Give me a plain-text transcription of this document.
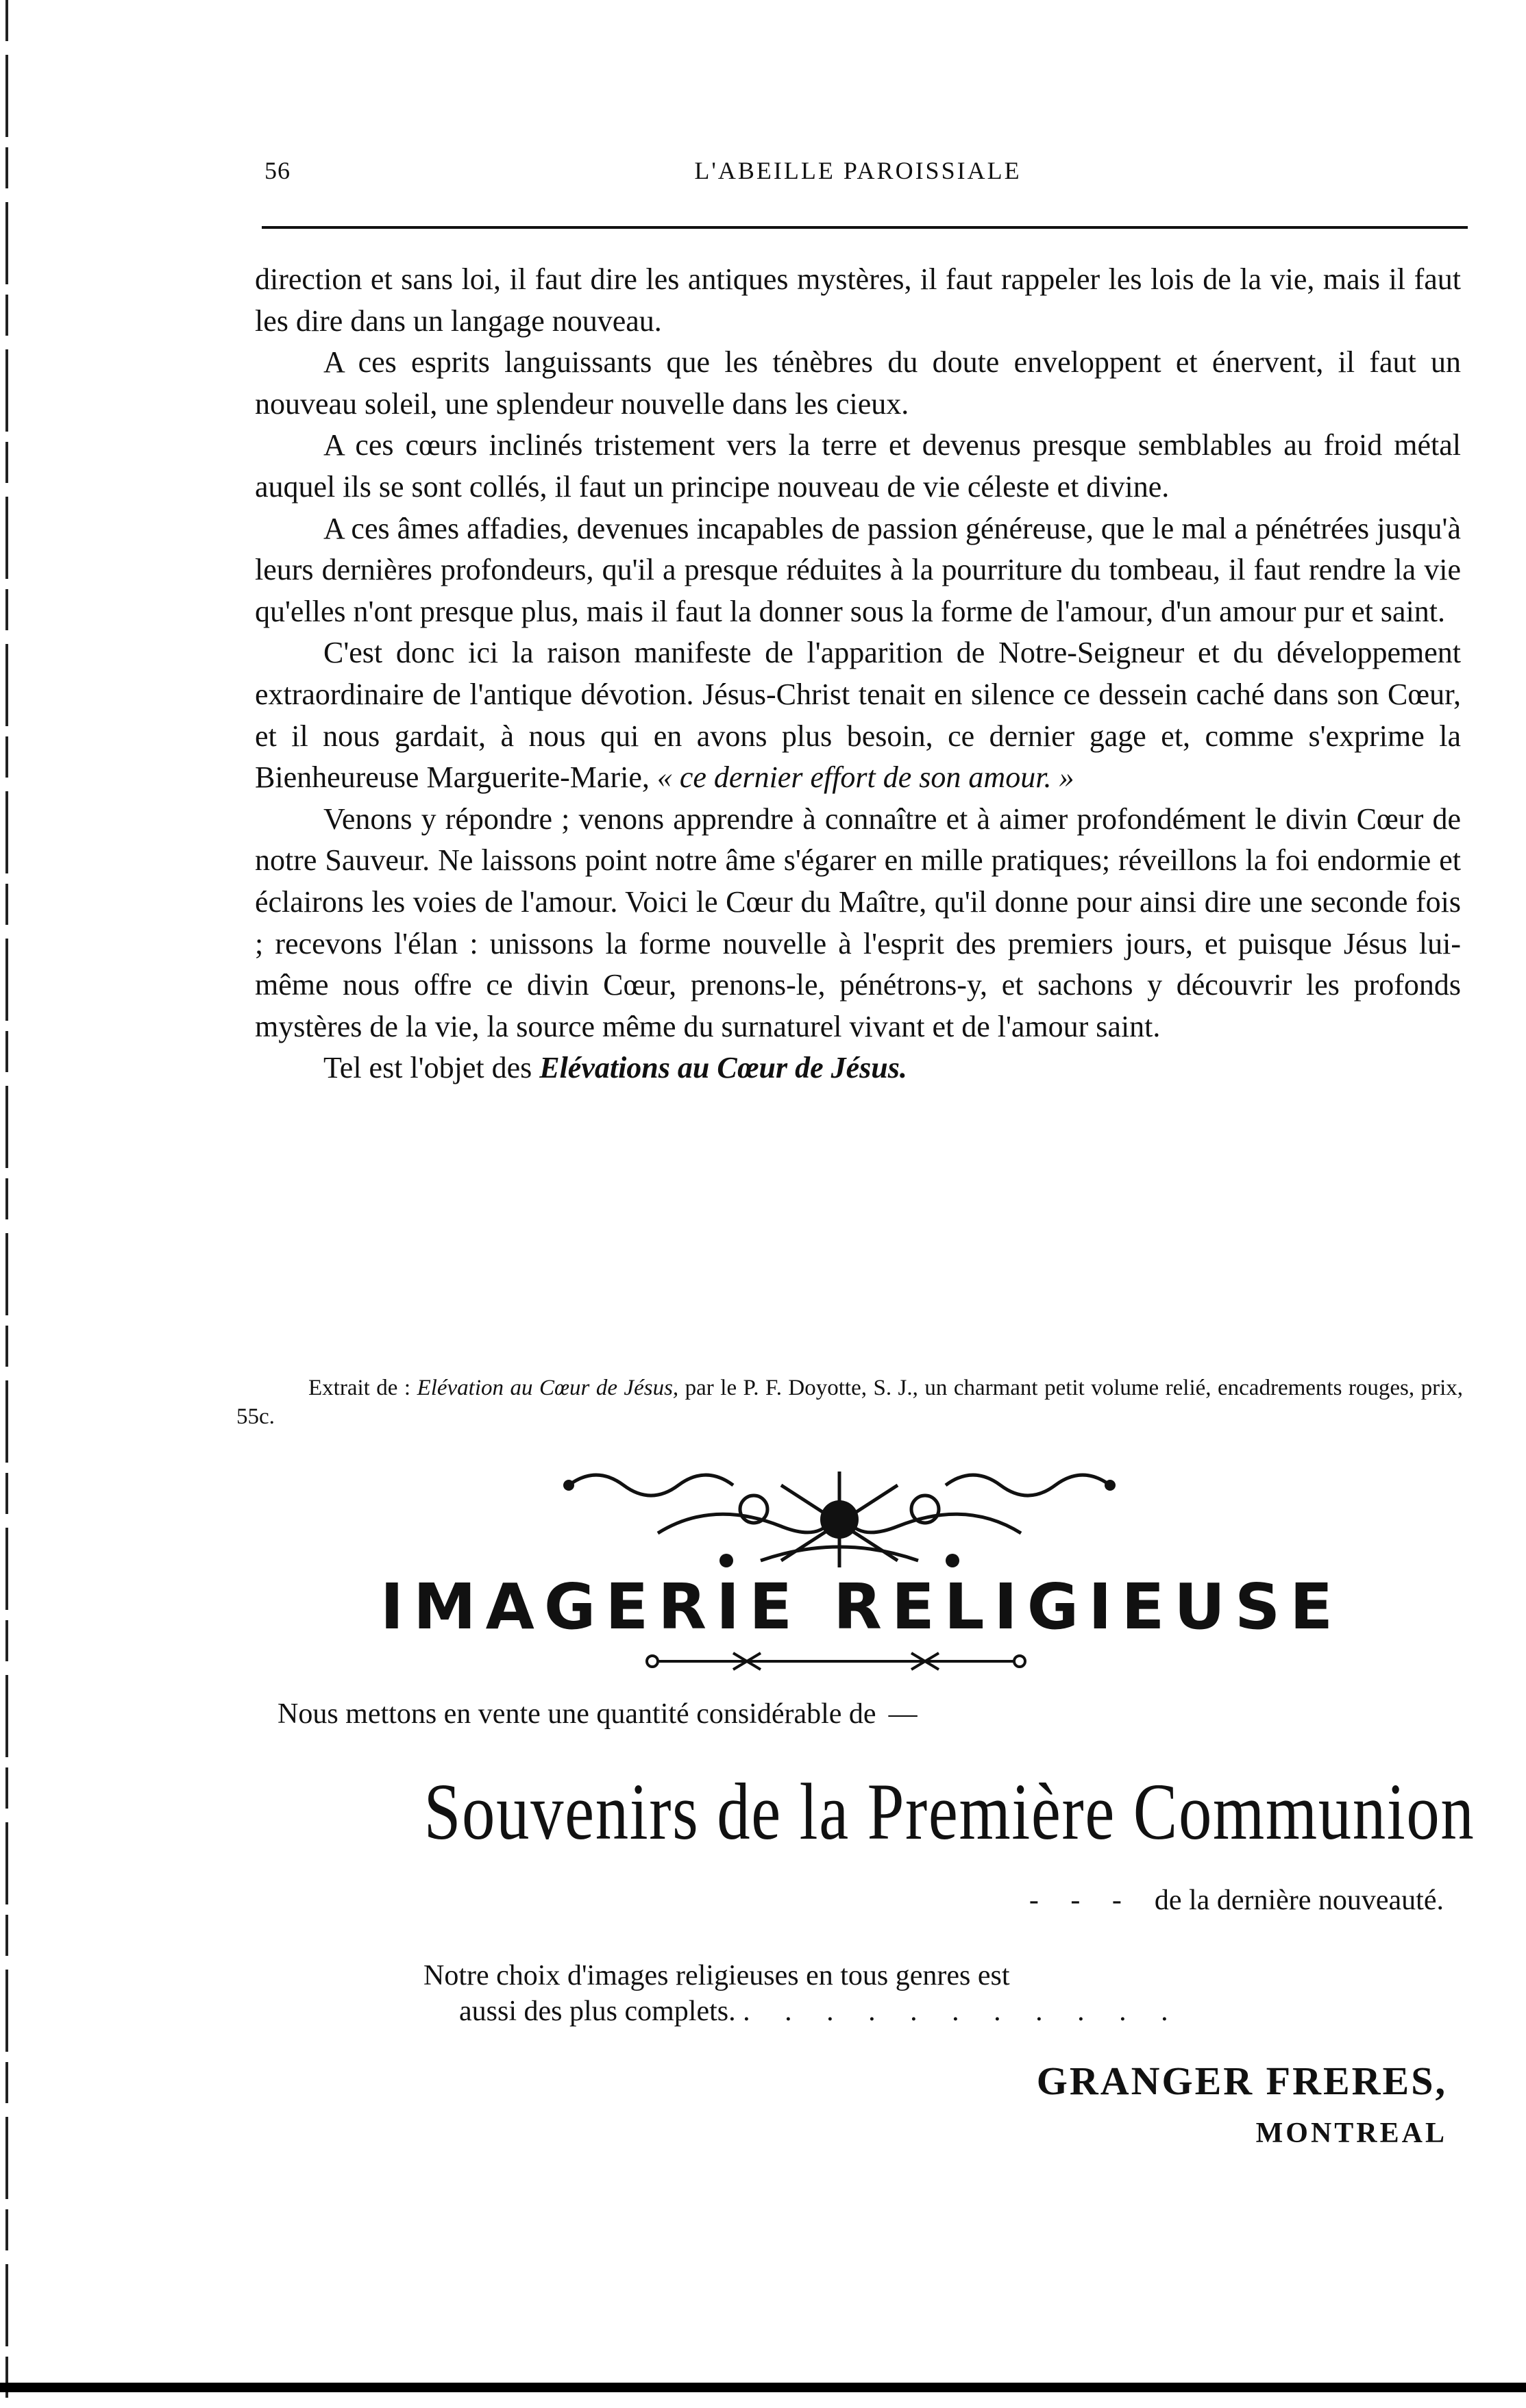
56	L'ABEILLE PAROISSIALE

direction et sans loi, il faut dire les antiques mystères, il faut rappeler les lois de la vie, mais il faut les dire dans un langage nouveau.

A ces esprits languissants que les ténèbres du doute enveloppent et énervent, il faut un nouveau soleil, une splendeur nouvelle dans les cieux.

A ces cœurs inclinés tristement vers la terre et devenus presque semblables au froid métal auquel ils se sont collés, il faut un principe nouveau de vie céleste et divine.

A ces âmes affadies, devenues incapables de passion généreuse, que le mal a pénétrées jusqu'à leurs dernières profondeurs, qu'il a presque réduites à la pourriture du tombeau, il faut rendre la vie qu'elles n'ont presque plus, mais il faut la donner sous la forme de l'amour, d'un amour pur et saint.

C'est donc ici la raison manifeste de l'apparition de Notre-Seigneur et du développement extraordinaire de l'antique dévotion. Jésus-Christ tenait en silence ce dessein caché dans son Cœur, et il nous gardait, à nous qui en avons plus besoin, ce dernier gage et, comme s'exprime la Bienheureuse Marguerite-Marie, « ce dernier effort de son amour. »

Venons y répondre ; venons apprendre à connaître et à aimer profondément le divin Cœur de notre Sauveur. Ne laissons point notre âme s'égarer en mille pratiques; réveillons la foi endormie et éclairons les voies de l'amour. Voici le Cœur du Maître, qu'il donne pour ainsi dire une seconde fois ; recevons l'élan : unissons la forme nouvelle à l'esprit des premiers jours, et puisque Jésus lui-même nous offre ce divin Cœur, prenons-le, pénétrons-y, et sachons y découvrir les profonds mystères de la vie, la source même du surnaturel vivant et de l'amour saint.

Tel est l'objet des Elévations au Cœur de Jésus.

Extrait de : Elévation au Cœur de Jésus, par le P. F. Doyotte, S. J., un charmant petit volume relié, encadrements rouges, prix, 55c.
IMAGERIE RELIGIEUSE
Nous mettons en vente une quantité considérable de —
Souvenirs de la Première Communion
- - - de la dernière nouveauté.
Notre choix d'images religieuses en tous genres est
aussi des plus complets. . . . . . . . . . . .
GRANGER FRERES,
MONTREAL
